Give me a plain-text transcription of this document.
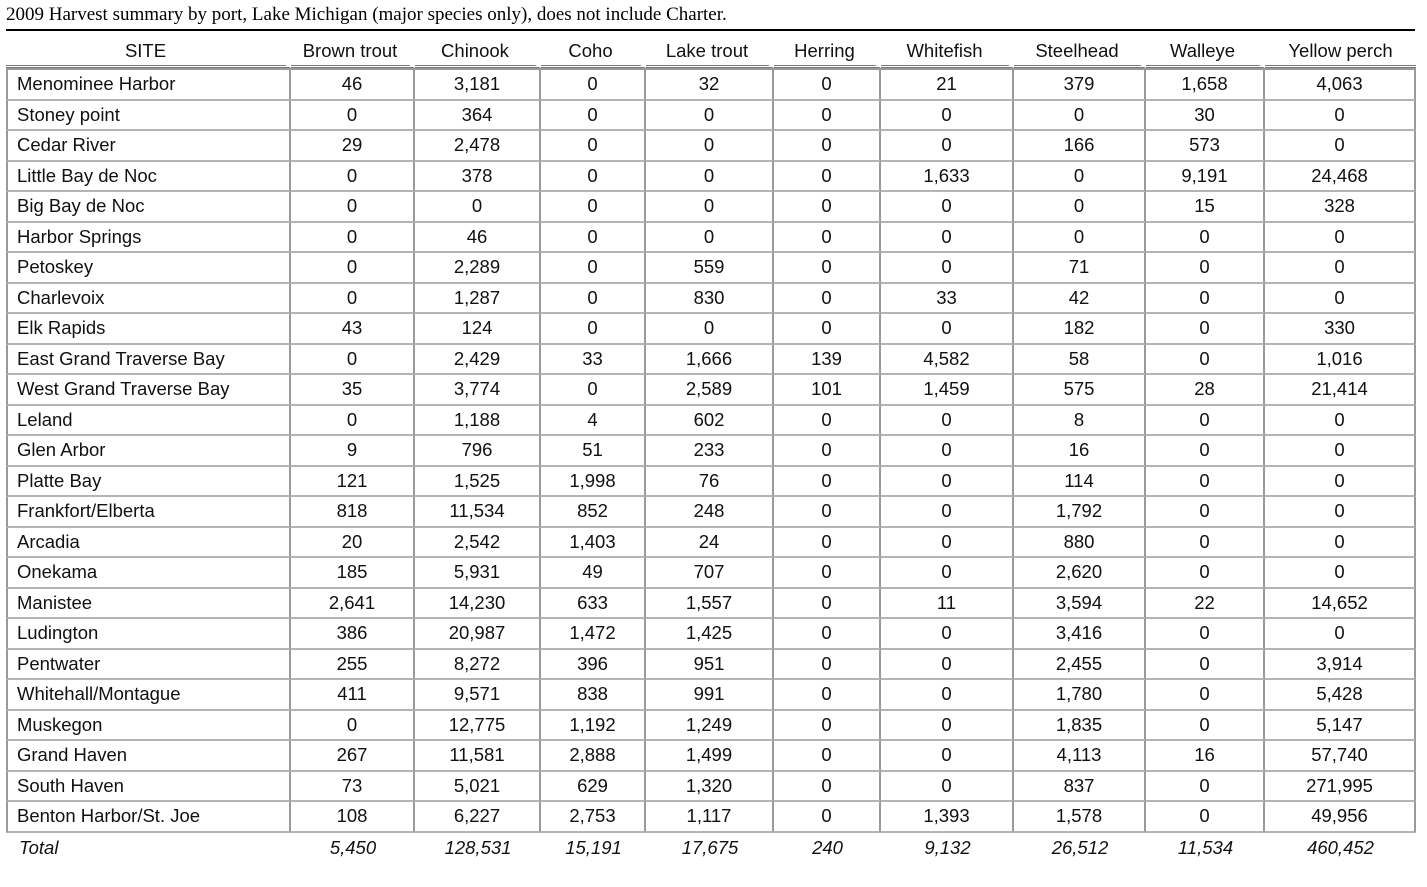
2009 Harvest summary by port, Lake Michigan (major species only), does not include Charter.
SITE	Brown trout	Chinook	Coho	Lake trout	Herring	Whitefish	Steelhead	Walleye	Yellow perch
Menominee Harbor	46	3,181	0	32	0	21	379	1,658	4,063
Stoney point	0	364	0	0	0	0	0	30	0
Cedar River	29	2,478	0	0	0	0	166	573	0
Little Bay de Noc	0	378	0	0	0	1,633	0	9,191	24,468
Big Bay de Noc	0	0	0	0	0	0	0	15	328
Harbor Springs	0	46	0	0	0	0	0	0	0
Petoskey	0	2,289	0	559	0	0	71	0	0
Charlevoix	0	1,287	0	830	0	33	42	0	0
Elk Rapids	43	124	0	0	0	0	182	0	330
East Grand Traverse Bay	0	2,429	33	1,666	139	4,582	58	0	1,016
West Grand Traverse Bay	35	3,774	0	2,589	101	1,459	575	28	21,414
Leland	0	1,188	4	602	0	0	8	0	0
Glen Arbor	9	796	51	233	0	0	16	0	0
Platte Bay	121	1,525	1,998	76	0	0	114	0	0
Frankfort/Elberta	818	11,534	852	248	0	0	1,792	0	0
Arcadia	20	2,542	1,403	24	0	0	880	0	0
Onekama	185	5,931	49	707	0	0	2,620	0	0
Manistee	2,641	14,230	633	1,557	0	11	3,594	22	14,652
Ludington	386	20,987	1,472	1,425	0	0	3,416	0	0
Pentwater	255	8,272	396	951	0	0	2,455	0	3,914
Whitehall/Montague	411	9,571	838	991	0	0	1,780	0	5,428
Muskegon	0	12,775	1,192	1,249	0	0	1,835	0	5,147
Grand Haven	267	11,581	2,888	1,499	0	0	4,113	16	57,740
South Haven	73	5,021	629	1,320	0	0	837	0	271,995
Benton Harbor/St. Joe	108	6,227	2,753	1,117	0	1,393	1,578	0	49,956
Total	5,450	128,531	15,191	17,675	240	9,132	26,512	11,534	460,452
